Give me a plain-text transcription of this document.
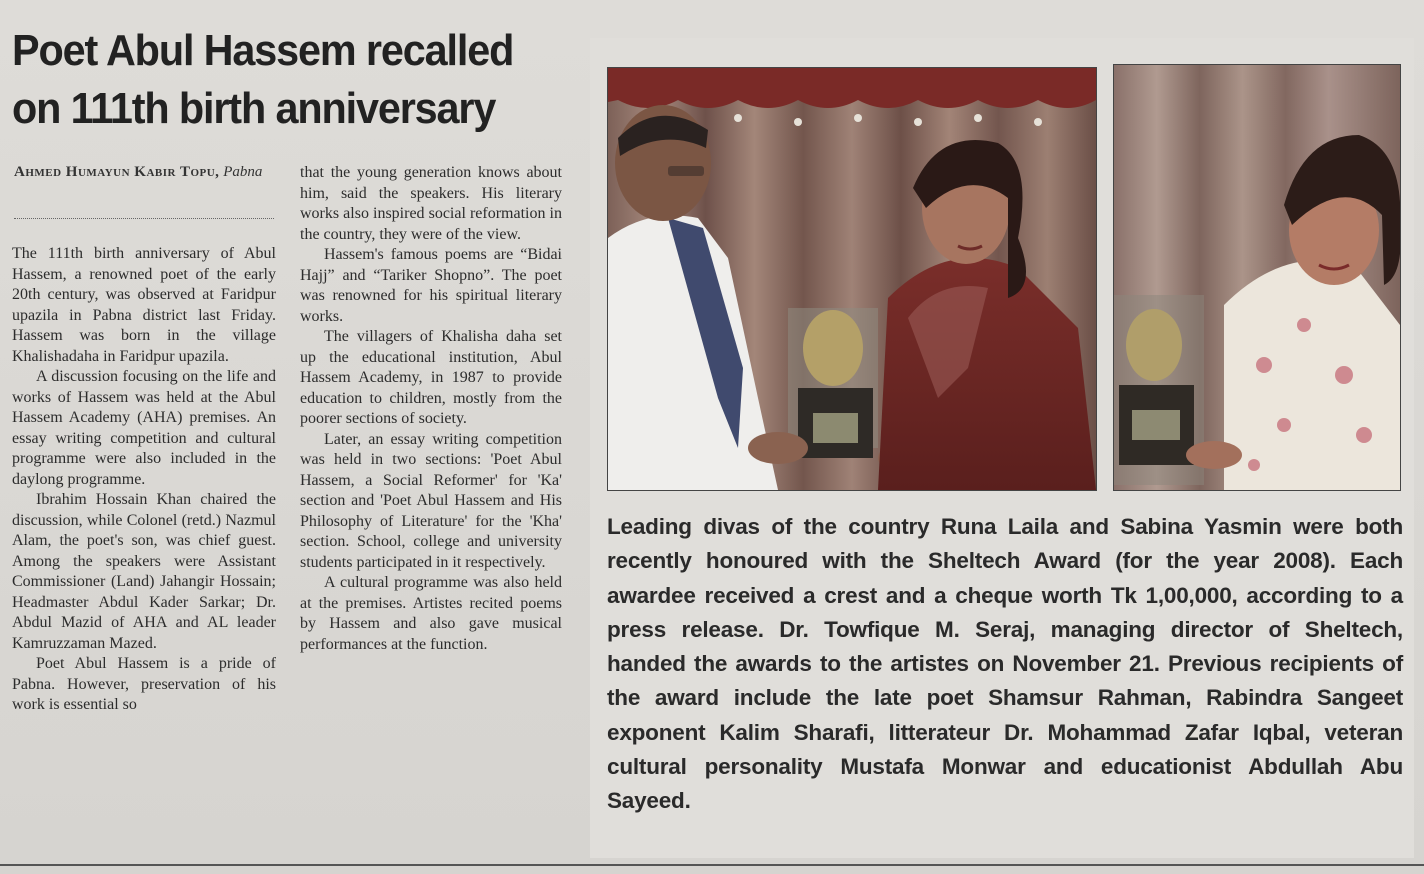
Poet Abul Hassem recalled on 111th birth anniversary
Ahmed Humayun Kabir Topu, Pabna

The 111th birth anniversary of Abul Hassem, a renowned poet of the early 20th century, was observed at Faridpur upazila in Pabna district last Friday. Hassem was born in the village Khalishadaha in Faridpur upazila.

A discussion focusing on the life and works of Hassem was held at the Abul Hassem Academy (AHA) premises. An essay writing competition and cultural programme were also included in the daylong programme.

Ibrahim Hossain Khan chaired the discussion, while Colonel (retd.) Nazmul Alam, the poet's son, was chief guest. Among the speakers were Assistant Commissioner (Land) Jahangir Hossain; Headmaster Abdul Kader Sarkar; Dr. Abdul Mazid of AHA and AL leader Kamruzzaman Mazed.

Poet Abul Hassem is a pride of Pabna. However, preservation of his work is essential so

that the young generation knows about him, said the speakers. His literary works also inspired social reformation in the country, they were of the view.

Hassem's famous poems are “Bidai Hajj” and “Tariker Shopno”. The poet was renowned for his spiritual literary works.

The villagers of Khalisha daha set up the educational institution, Abul Hassem Academy, in 1987 to provide education to children, mostly from the poorer sections of society.

Later, an essay writing competition was held in two sections: 'Poet Abul Hassem, a Social Reformer' for 'Ka' section and 'Poet Abul Hassem and His Philosophy of Literature' for the 'Kha' section. School, college and university students participated in it respectively.

A cultural programme was also held at the premises. Artistes recited poems by Hassem and also gave musical performances at the function.

Leading divas of the country Runa Laila and Sabina Yasmin were both recently honoured with the Sheltech Award (for the year 2008). Each awardee received a crest and a cheque worth Tk 1,00,000, according to a press release. Dr. Towfique M. Seraj, managing director of Sheltech, handed the awards to the artistes on November 21. Previous recipients of the award include the late poet Shamsur Rahman, Rabindra Sangeet exponent Kalim Sharafi, litterateur Dr. Mohammad Zafar Iqbal, veteran cultural personality Mustafa Monwar and educationist Abdullah Abu Sayeed.
